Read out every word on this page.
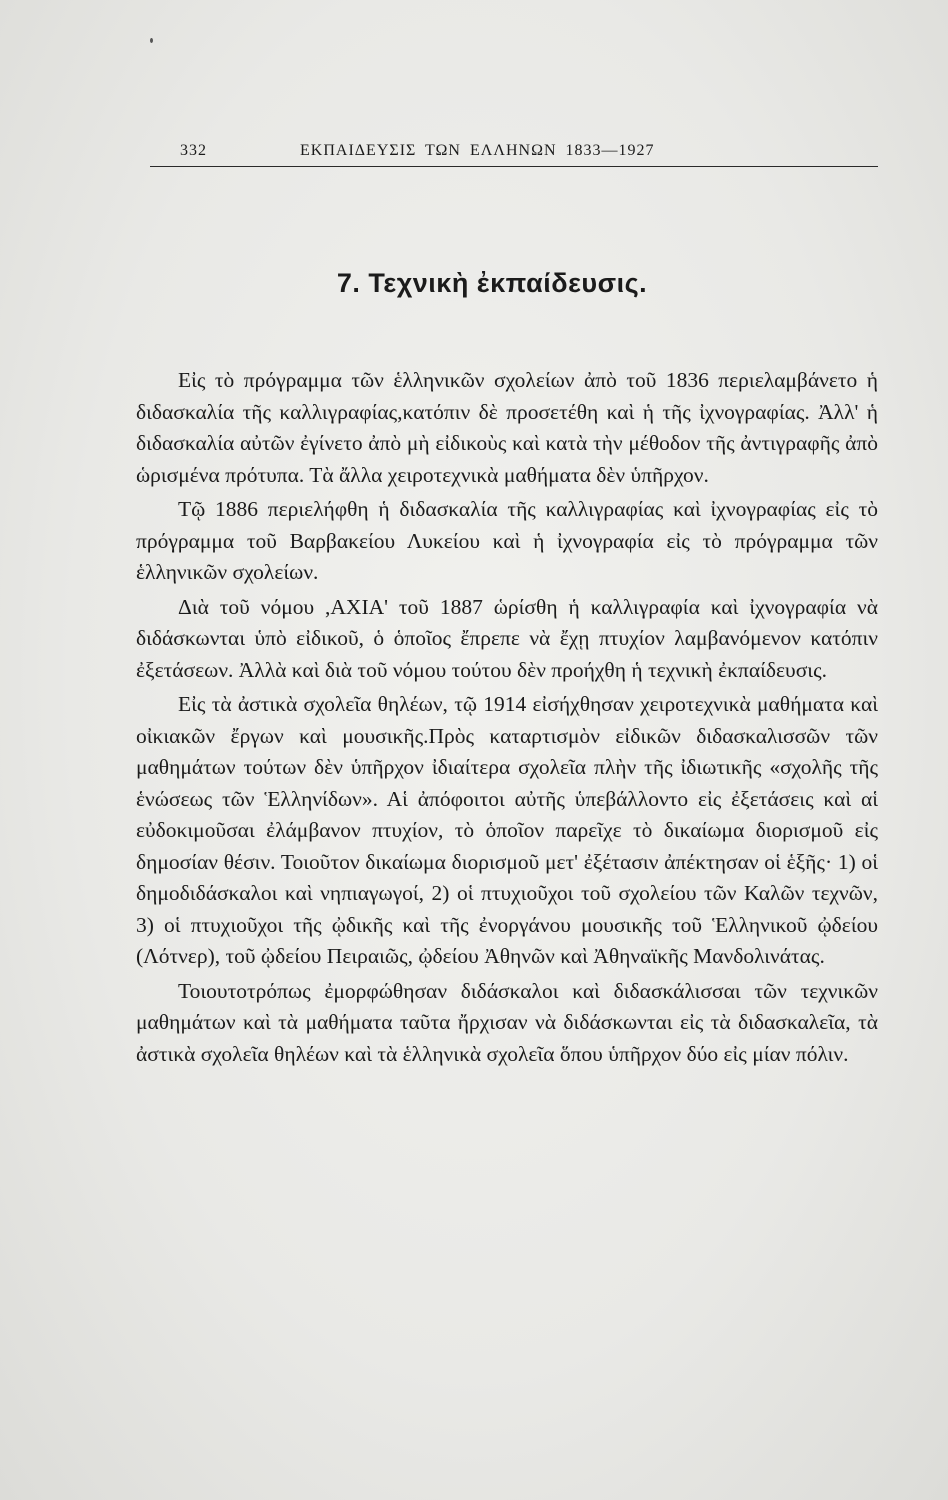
332	ΕΚΠΑΙΔΕΥΣΙΣ ΤΩΝ ΕΛΛΗΝΩΝ 1833—1927
7. Τεχνικὴ ἐκπαίδευσις.

Εἰς τὸ πρόγραμμα τῶν ἑλληνικῶν σχολείων ἀπὸ τοῦ 1836 περιελαμβάνετο ἡ διδασκαλία τῆς καλλιγραφίας,κατόπιν δὲ προσετέθη καὶ ἡ τῆς ἰχνογραφίας. Ἀλλ' ἡ διδασκαλία αὐτῶν ἐγίνετο ἀπὸ μὴ εἰδικοὺς καὶ κατὰ τὴν μέθοδον τῆς ἀντιγραφῆς ἀπὸ ὡρισμένα πρότυπα. Τὰ ἄλλα χειροτεχνικὰ μαθήματα δὲν ὑπῆρχον.

Τῷ 1886 περιελήφθη ἡ διδασκαλία τῆς καλλιγραφίας καὶ ἰχνογραφίας εἰς τὸ πρόγραμμα τοῦ Βαρβακείου Λυκείου καὶ ἡ ἰχνογραφία εἰς τὸ πρόγραμμα τῶν ἑλληνικῶν σχολείων.

Διὰ τοῦ νόμου ,ΑΧΙΑ' τοῦ 1887 ὡρίσθη ἡ καλλιγραφία καὶ ἰχνογραφία νὰ διδάσκωνται ὑπὸ εἰδικοῦ, ὁ ὁποῖος ἔπρεπε νὰ ἔχῃ πτυχίον λαμβανόμενον κατόπιν ἐξετάσεων. Ἀλλὰ καὶ διὰ τοῦ νόμου τούτου δὲν προήχθη ἡ τεχνικὴ ἐκπαίδευσις.

Εἰς τὰ ἀστικὰ σχολεῖα θηλέων, τῷ 1914 εἰσήχθησαν χειροτεχνικὰ μαθήματα καὶ οἰκιακῶν ἔργων καὶ μουσικῆς.Πρὸς καταρτισμὸν εἰδικῶν διδασκαλισσῶν τῶν μαθημάτων τούτων δὲν ὑπῆρχον ἰδιαίτερα σχολεῖα πλὴν τῆς ἰδιωτικῆς «σχολῆς τῆς ἑνώσεως τῶν Ἑλληνίδων». Αἱ ἀπόφοιτοι αὐτῆς ὑπεβάλλοντο εἰς ἐξετάσεις καὶ αἱ εὐδοκιμοῦσαι ἐλάμβανον πτυχίον, τὸ ὁποῖον παρεῖχε τὸ δικαίωμα διορισμοῦ εἰς δημοσίαν θέσιν. Τοιοῦτον δικαίωμα διορισμοῦ μετ' ἐξέτασιν ἀπέκτησαν οἱ ἑξῆς· 1) οἱ δημοδιδάσκαλοι καὶ νηπιαγωγοί, 2) οἱ πτυχιοῦχοι τοῦ σχολείου τῶν Καλῶν τεχνῶν, 3) οἱ πτυχιοῦχοι τῆς ᾠδικῆς καὶ τῆς ἐνοργάνου μουσικῆς τοῦ Ἑλληνικοῦ ᾠδείου (Λότνερ), τοῦ ᾠδείου Πειραιῶς, ᾠδείου Ἀθηνῶν καὶ Ἀθηναϊκῆς Μανδολινάτας.

Τοιουτοτρόπως ἐμορφώθησαν διδάσκαλοι καὶ διδασκάλισσαι τῶν τεχνικῶν μαθημάτων καὶ τὰ μαθήματα ταῦτα ἤρχισαν νὰ διδάσκωνται εἰς τὰ διδασκαλεῖα, τὰ ἀστικὰ σχολεῖα θηλέων καὶ τὰ ἑλληνικὰ σχολεῖα ὅπου ὑπῆρχον δύο εἰς μίαν πόλιν.
